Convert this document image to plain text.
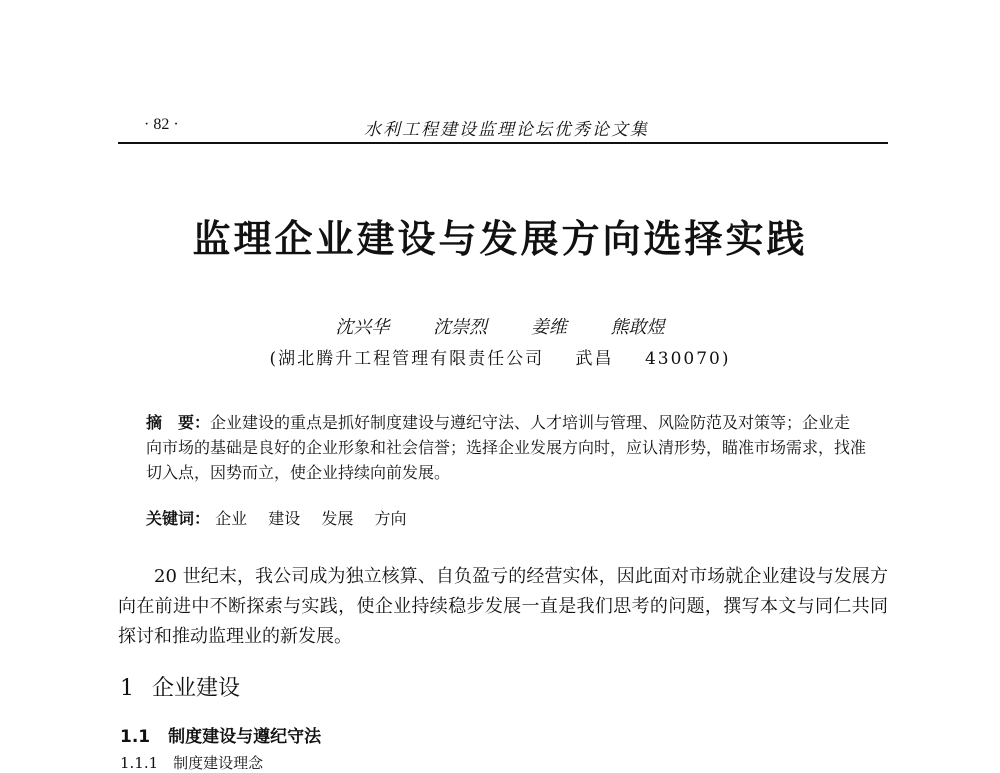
· 82 ·	水利工程建设监理论坛优秀论文集
监理企业建设与发展方向选择实践
沈兴华 沈崇烈 姜维 熊敢煜
(湖北腾升工程管理有限责任公司 武昌 430070)
摘　要：企业建设的重点是抓好制度建设与遵纪守法、人才培训与管理、风险防范及对策等；企业走向市场的基础是良好的企业形象和社会信誉；选择企业发展方向时，应认清形势，瞄准市场需求，找准切入点，因势而立，使企业持续向前发展。
关键词： 企业 建设 发展 方向

20 世纪末，我公司成为独立核算、自负盈亏的经营实体，因此面对市场就企业建设与发展方向在前进中不断探索与实践，使企业持续稳步发展一直是我们思考的问题，撰写本文与同仁共同探讨和推动监理业的新发展。

1 企业建设
1.1 制度建设与遵纪守法
1.1.1　制度建设理念
